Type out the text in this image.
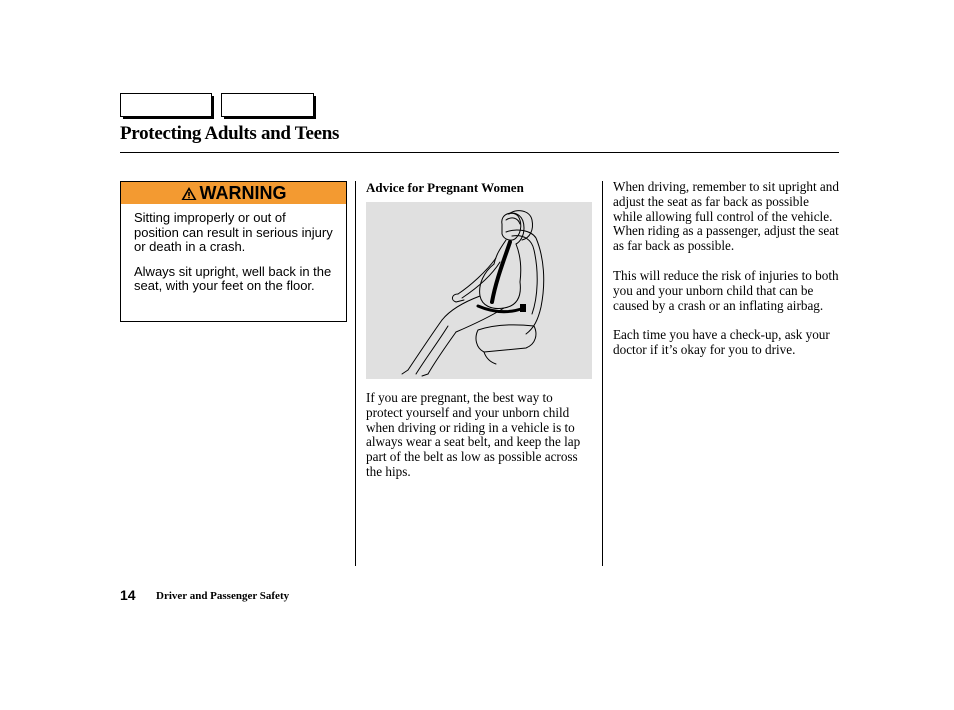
Protecting Adults and Teens
WARNING

Sitting improperly or out of position can result in serious injury or death in a crash.

Always sit upright, well back in the seat, with your feet on the floor.

Advice for Pregnant Women

If you are pregnant, the best way to protect yourself and your unborn child when driving or riding in a vehicle is to always wear a seat belt, and keep the lap part of the belt as low as possible across the hips.

When driving, remember to sit upright and adjust the seat as far back as possible while allowing full control of the vehicle. When riding as a passenger, adjust the seat as far back as possible.

This will reduce the risk of injuries to both you and your unborn child that can be caused by a crash or an inflating airbag.

Each time you have a check-up, ask your doctor if it’s okay for you to drive.

14 Driver and Passenger Safety
